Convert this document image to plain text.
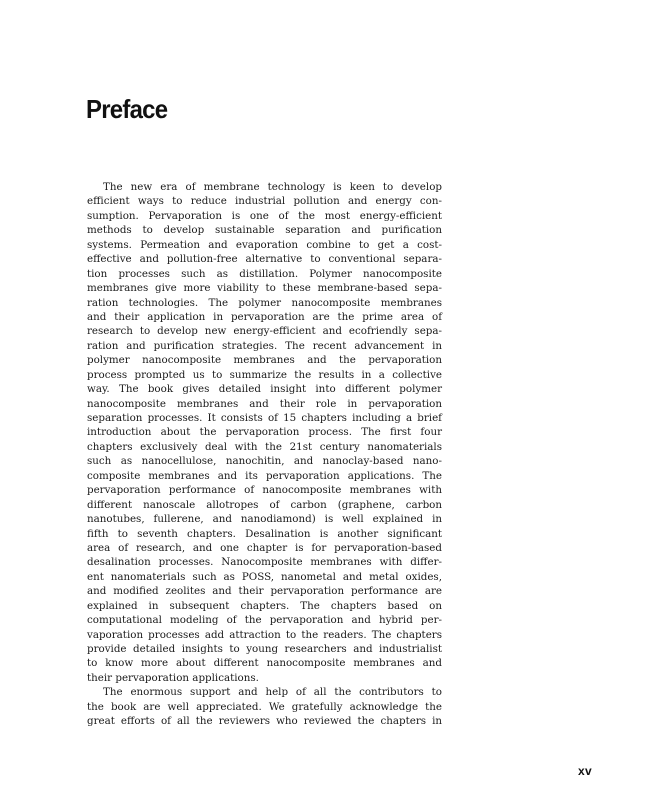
Preface
The new era of membrane technology is keen to develop
efficient ways to reduce industrial pollution and energy con-
sumption. Pervaporation is one of the most energy-efficient
methods to develop sustainable separation and purification
systems. Permeation and evaporation combine to get a cost-
effective and pollution-free alternative to conventional separa-
tion processes such as distillation. Polymer nanocomposite
membranes give more viability to these membrane-based sepa-
ration technologies. The polymer nanocomposite membranes
and their application in pervaporation are the prime area of
research to develop new energy-efficient and ecofriendly sepa-
ration and purification strategies. The recent advancement in
polymer nanocomposite membranes and the pervaporation
process prompted us to summarize the results in a collective
way. The book gives detailed insight into different polymer
nanocomposite membranes and their role in pervaporation
separation processes. It consists of 15 chapters including a brief
introduction about the pervaporation process. The first four
chapters exclusively deal with the 21st century nanomaterials
such as nanocellulose, nanochitin, and nanoclay-based nano-
composite membranes and its pervaporation applications. The
pervaporation performance of nanocomposite membranes with
different nanoscale allotropes of carbon (graphene, carbon
nanotubes, fullerene, and nanodiamond) is well explained in
fifth to seventh chapters. Desalination is another significant
area of research, and one chapter is for pervaporation-based
desalination processes. Nanocomposite membranes with differ-
ent nanomaterials such as POSS, nanometal and metal oxides,
and modified zeolites and their pervaporation performance are
explained in subsequent chapters. The chapters based on
computational modeling of the pervaporation and hybrid per-
vaporation processes add attraction to the readers. The chapters
provide detailed insights to young researchers and industrialist
to know more about different nanocomposite membranes and
their pervaporation applications.
The enormous support and help of all the contributors to
the book are well appreciated. We gratefully acknowledge the
great efforts of all the reviewers who reviewed the chapters in
xv
